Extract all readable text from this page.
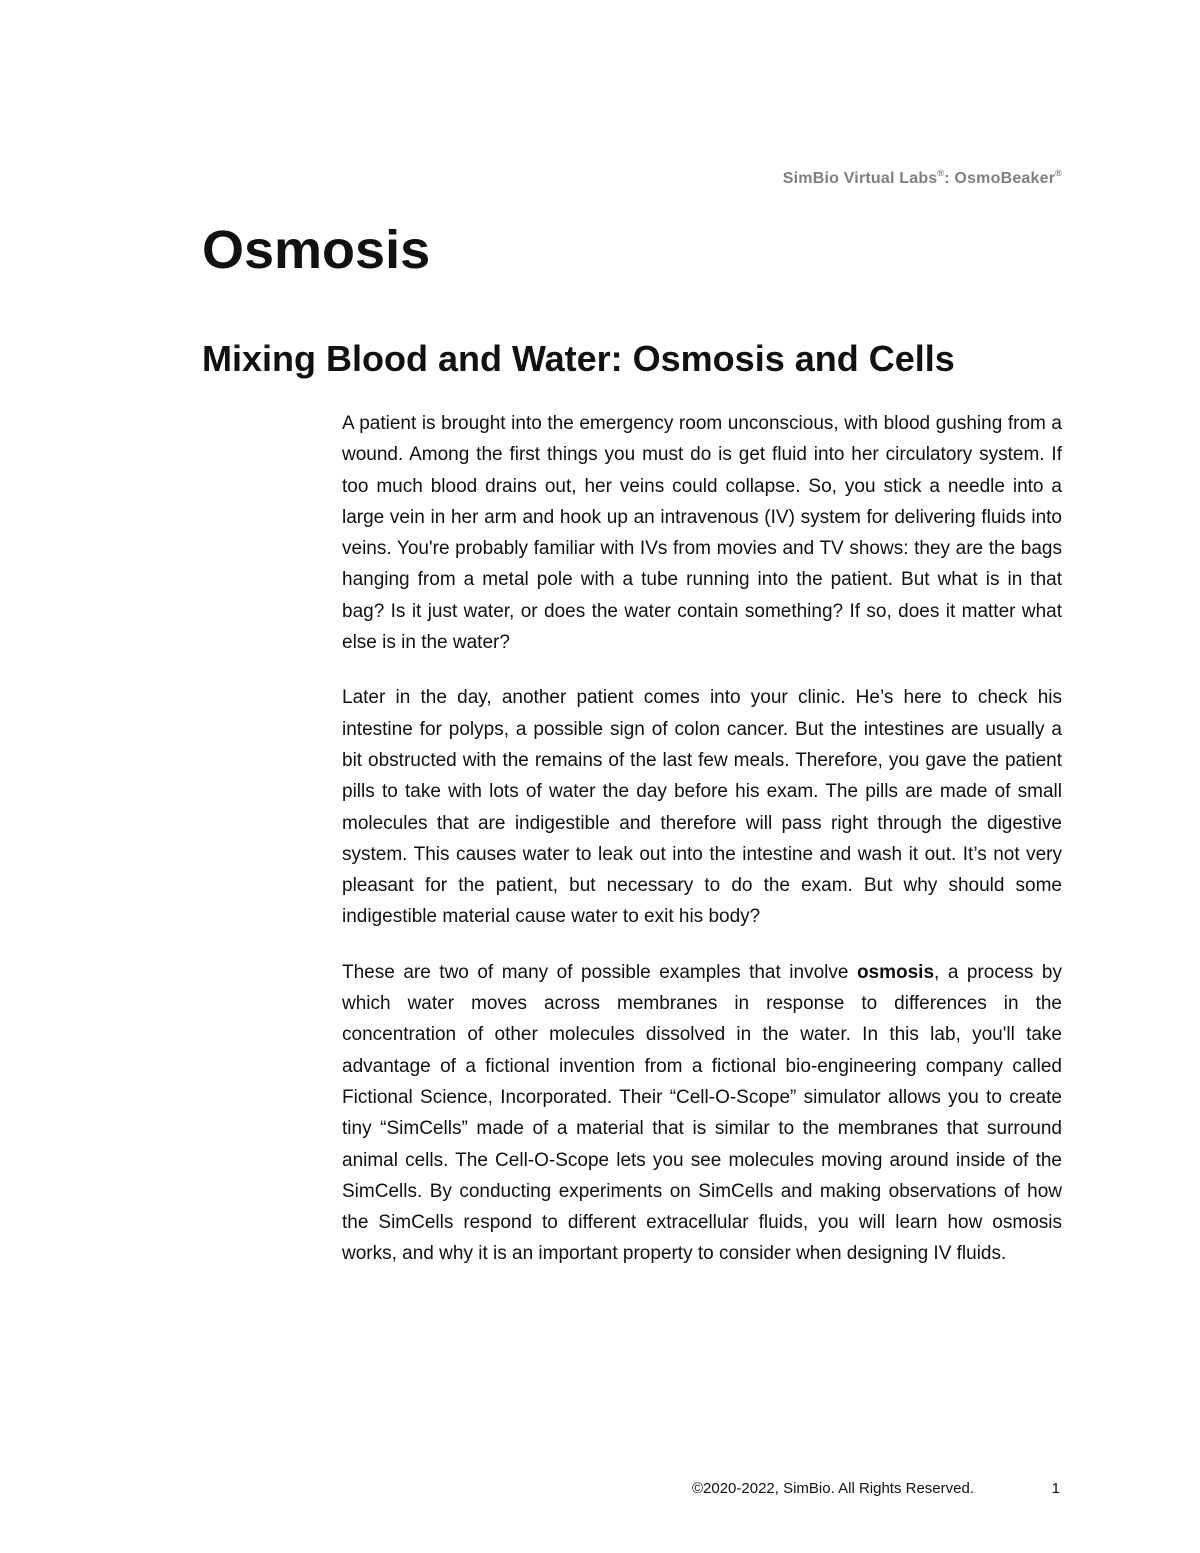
SimBio Virtual Labs®: OsmoBeaker®
Osmosis
Mixing Blood and Water: Osmosis and Cells

A patient is brought into the emergency room unconscious, with blood gushing from a wound. Among the first things you must do is get fluid into her circulatory system. If too much blood drains out, her veins could collapse. So, you stick a needle into a large vein in her arm and hook up an intravenous (IV) system for delivering fluids into veins. You're probably familiar with IVs from movies and TV shows: they are the bags hanging from a metal pole with a tube running into the patient. But what is in that bag? Is it just water, or does the water contain something? If so, does it matter what else is in the water?

Later in the day, another patient comes into your clinic. He’s here to check his intestine for polyps, a possible sign of colon cancer. But the intestines are usually a bit obstructed with the remains of the last few meals. Therefore, you gave the patient pills to take with lots of water the day before his exam. The pills are made of small molecules that are indigestible and therefore will pass right through the digestive system. This causes water to leak out into the intestine and wash it out. It’s not very pleasant for the patient, but necessary to do the exam. But why should some indigestible material cause water to exit his body?

These are two of many of possible examples that involve osmosis, a process by which water moves across membranes in response to differences in the concentration of other molecules dissolved in the water. In this lab, you'll take advantage of a fictional invention from a fictional bio-engineering company called Fictional Science, Incorporated. Their “Cell-O-Scope” simulator allows you to create tiny “SimCells” made of a material that is similar to the membranes that surround animal cells. The Cell-O-Scope lets you see molecules moving around inside of the SimCells. By conducting experiments on SimCells and making observations of how the SimCells respond to different extracellular fluids, you will learn how osmosis works, and why it is an important property to consider when designing IV fluids.

©2020-2022, SimBio. All Rights Reserved.	1
